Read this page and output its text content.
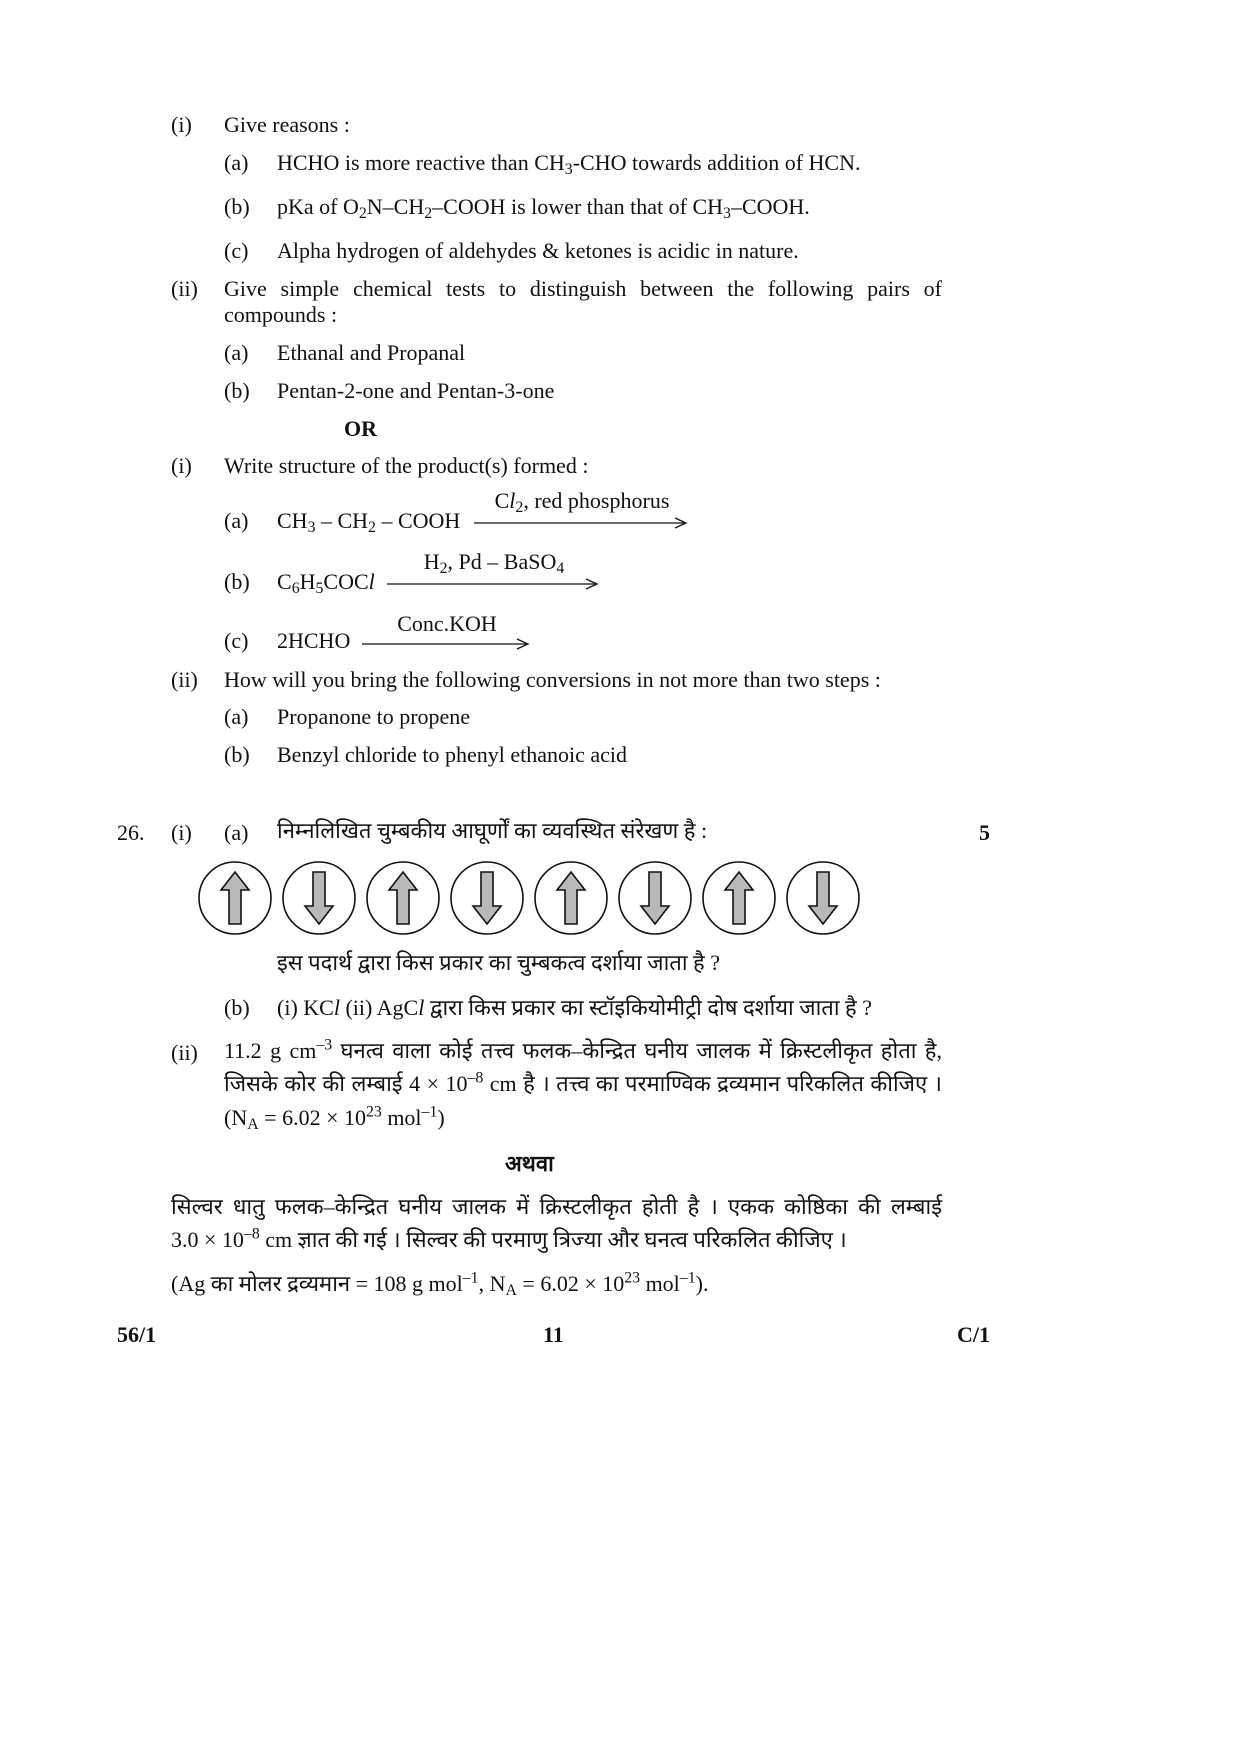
(i) Give reasons :
(a) HCHO is more reactive than $CH_3$-CHO towards addition of HCN.
(b) pKa of $O_2N-CH_2$–COOH is lower than that of $CH_3$–COOH.
(c) Alpha hydrogen of aldehydes & ketones is acidic in nature.
(ii) Give simple chemical tests to distinguish between the following pairs of
compounds :
(a) Ethanal and Propanal
(b) Pentan-2-one and Pentan-3-one
OR
(i) Write structure of the product(s) formed :
(a) $CH_3 - CH_2$ – COOH
$Cl_2$, red phosphorus
(b) $C_6H_5COCl$
$H_2$, Pd – BaSO$_4$
(c) 2HCHO
Conc.KOH
(ii) How will you bring the following conversions in not more than two steps :
(a) Propanone to propene
(b) Benzyl chloride to phenyl ethanoic acid
26. (i) (a) निम्नलिखित चुम्बकीय आघूर्णों का व्यवस्थित संरेखण है :	5
इस पदार्थ द्वारा किस प्रकार का चुम्बकत्व दर्शाया जाता है ?
(b) (i) KCl (ii) AgCl द्वारा किस प्रकार का स्टॉइकियोमीट्री दोष दर्शाया जाता है ?
(ii) 11.2 g $cm^{-3}$ घनत्व वाला कोई तत्त्व फलक–केन्द्रित घनीय जालक में क्रिस्टलीकृत होता है,
जिसके कोर की लम्बाई $4 \times 10^{-8}$ cm है । तत्त्व का परमाण्विक द्रव्यमान परिकलित कीजिए ।
($N_A = 6.02 \times 10^{23}$ mol$^{-1}$)
अथवा
सिल्वर धातु फलक–केन्द्रित घनीय जालक में क्रिस्टलीकृत होती है । एकक कोष्ठिका की लम्बाई
$3.0 \times 10^{-8}$ cm ज्ञात की गई । सिल्वर की परमाणु त्रिज्या और घनत्व परिकलित कीजिए ।
(Ag का मोलर द्रव्यमान = 108 g mol$^{-1}$, $N_A = 6.02 \times 10^{23}$ mol$^{-1}$).
56/1	11	C/1
